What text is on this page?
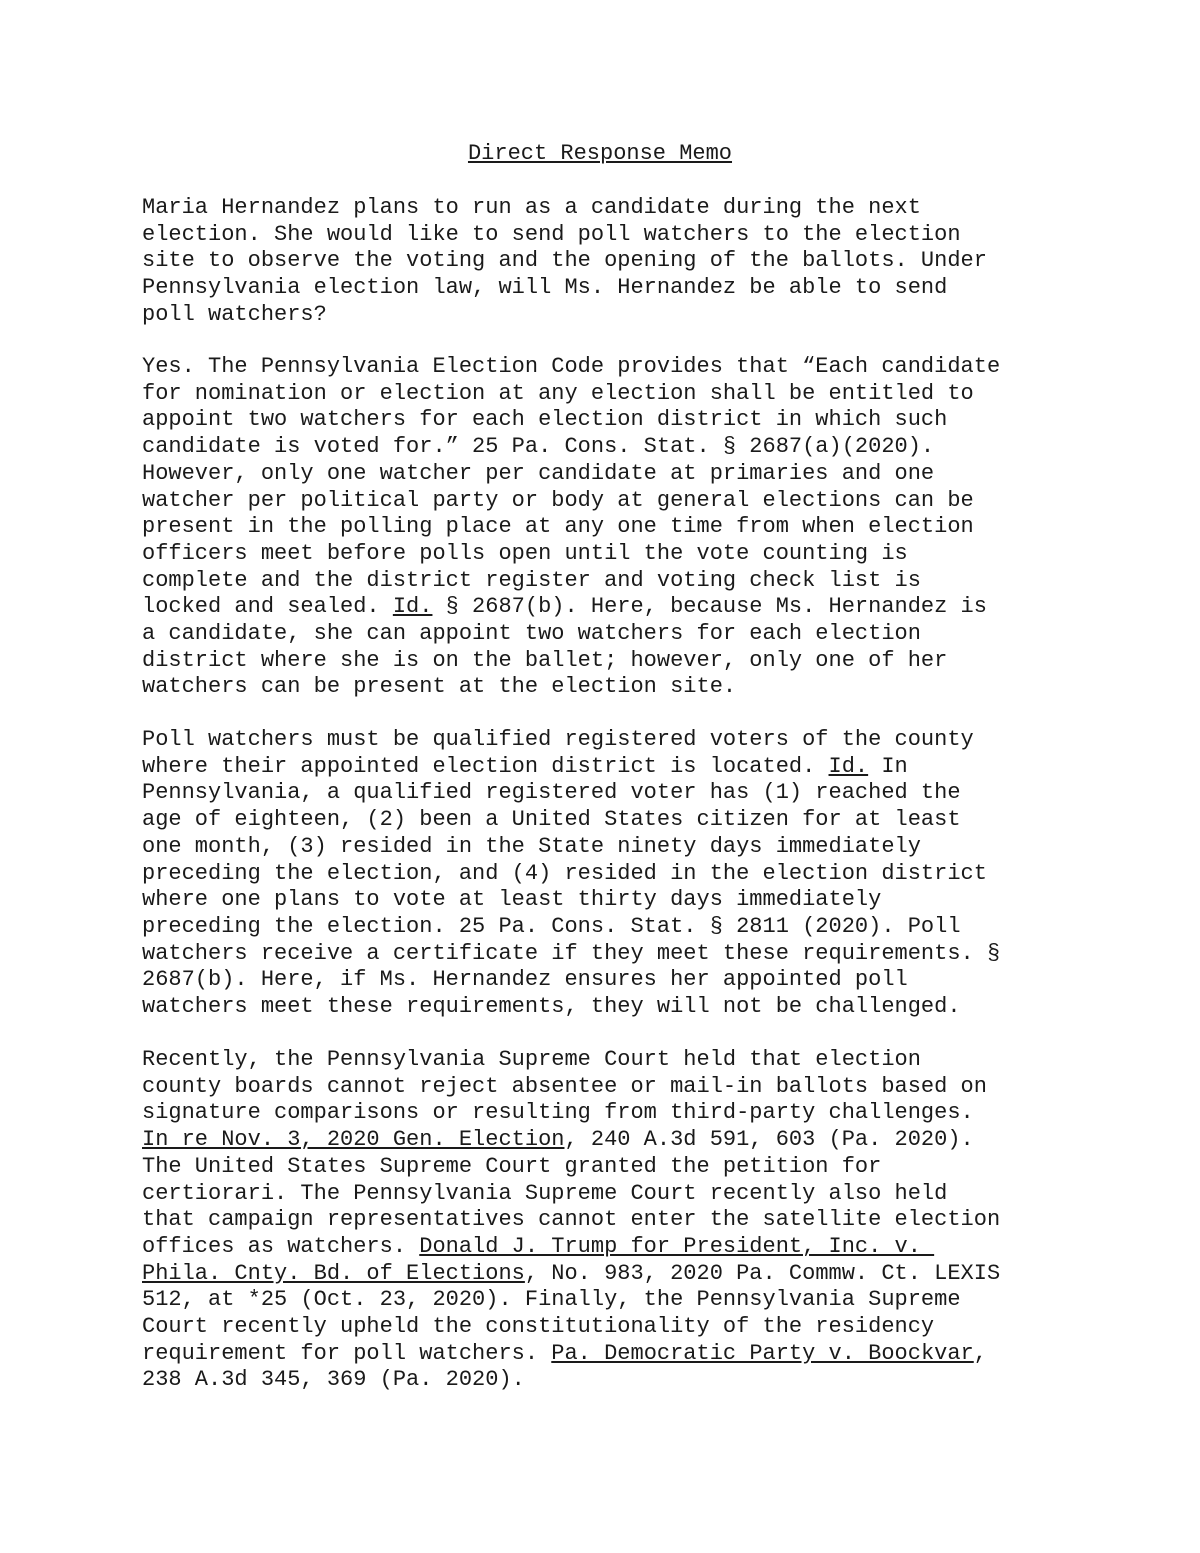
Direct Response Memo
Maria Hernandez plans to run as a candidate during the next
election. She would like to send poll watchers to the election
site to observe the voting and the opening of the ballots. Under
Pennsylvania election law, will Ms. Hernandez be able to send
poll watchers?
Yes. The Pennsylvania Election Code provides that “Each candidate
for nomination or election at any election shall be entitled to
appoint two watchers for each election district in which such
candidate is voted for.” 25 Pa. Cons. Stat. § 2687(a)(2020).
However, only one watcher per candidate at primaries and one
watcher per political party or body at general elections can be
present in the polling place at any one time from when election
officers meet before polls open until the vote counting is
complete and the district register and voting check list is
locked and sealed. Id. § 2687(b). Here, because Ms. Hernandez is
a candidate, she can appoint two watchers for each election
district where she is on the ballet; however, only one of her
watchers can be present at the election site.
Poll watchers must be qualified registered voters of the county
where their appointed election district is located. Id. In
Pennsylvania, a qualified registered voter has (1) reached the
age of eighteen, (2) been a United States citizen for at least
one month, (3) resided in the State ninety days immediately
preceding the election, and (4) resided in the election district
where one plans to vote at least thirty days immediately
preceding the election. 25 Pa. Cons. Stat. § 2811 (2020). Poll
watchers receive a certificate if they meet these requirements. §
2687(b). Here, if Ms. Hernandez ensures her appointed poll
watchers meet these requirements, they will not be challenged.
Recently, the Pennsylvania Supreme Court held that election
county boards cannot reject absentee or mail-in ballots based on
signature comparisons or resulting from third-party challenges.
In re Nov. 3, 2020 Gen. Election, 240 A.3d 591, 603 (Pa. 2020).
The United States Supreme Court granted the petition for
certiorari. The Pennsylvania Supreme Court recently also held
that campaign representatives cannot enter the satellite election
offices as watchers. Donald J. Trump for President, Inc. v.
Phila. Cnty. Bd. of Elections, No. 983, 2020 Pa. Commw. Ct. LEXIS
512, at *25 (Oct. 23, 2020). Finally, the Pennsylvania Supreme
Court recently upheld the constitutionality of the residency
requirement for poll watchers. Pa. Democratic Party v. Boockvar,
238 A.3d 345, 369 (Pa. 2020).
